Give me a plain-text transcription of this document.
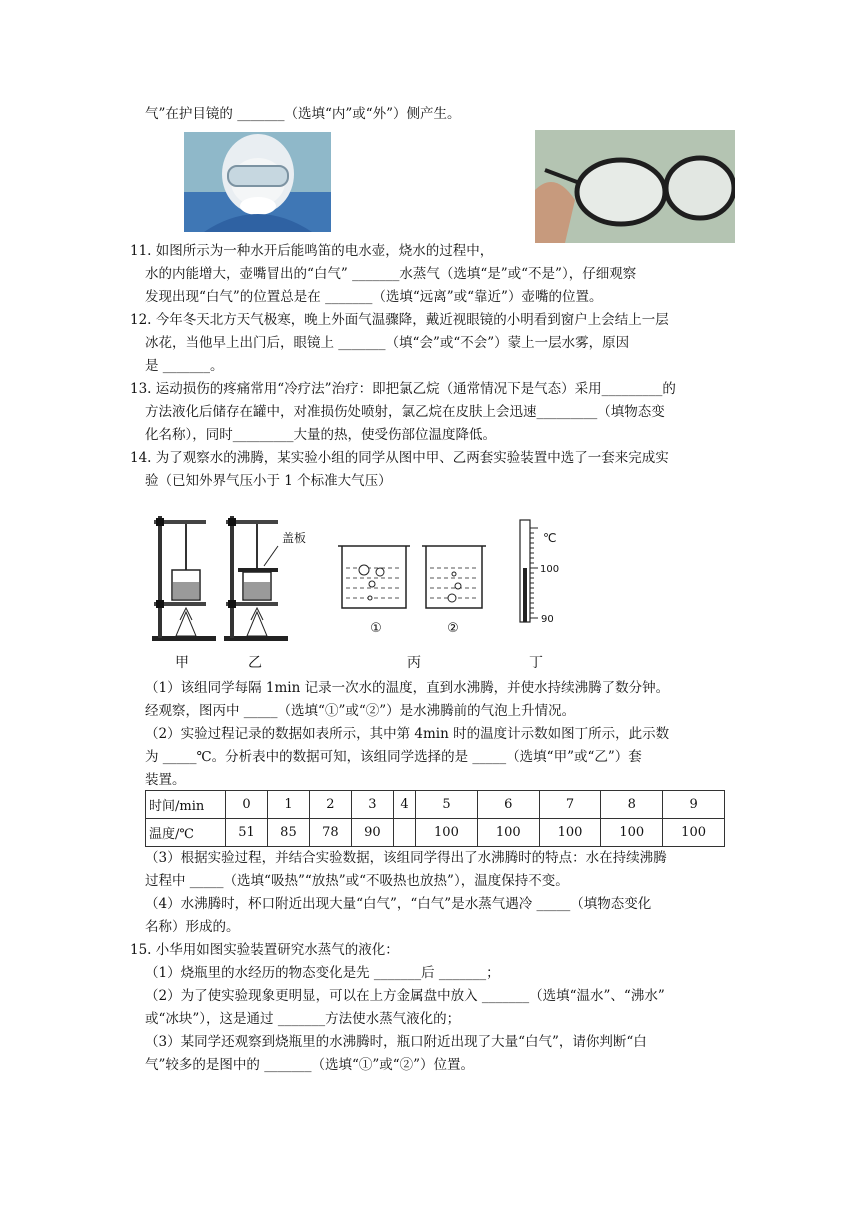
气”在护目镜的 _______（选填“内”或“外”）侧产生。
11. 如图所示为一种水开后能鸣笛的电水壶，烧水的过程中，
水的内能增大，壶嘴冒出的“白气” _______水蒸气（选填“是”或“不是”），仔细观察
发现出现“白气”的位置总是在 _______（选填“远离”或“靠近”）壶嘴的位置。
12. 今年冬天北方天气极寒，晚上外面气温骤降，戴近视眼镜的小明看到窗户上会结上一层
冰花，当他早上出门后，眼镜上 _______（填“会”或“不会”）蒙上一层水雾，原因
是 _______。
13. 运动损伤的疼痛常用“冷疗法”治疗：即把氯乙烷（通常情况下是气态）采用_________的
方法液化后储存在罐中，对准损伤处喷射，氯乙烷在皮肤上会迅速_________（填物态变
化名称），同时_________大量的热，使受伤部位温度降低。
14. 为了观察水的沸腾，某实验小组的同学从图中甲、乙两套实验装置中选了一套来完成实
验（已知外界气压小于 1 个标准大气压）
盖板
①	②
℃
100
90
甲	乙	丙	丁
（1）该组同学每隔 1min 记录一次水的温度，直到水沸腾，并使水持续沸腾了数分钟。
经观察，图丙中 _____（选填“①”或“②”）是水沸腾前的气泡上升情况。
（2）实验过程记录的数据如表所示，其中第 4min 时的温度计示数如图丁所示，此示数
为 _____℃。分析表中的数据可知，该组同学选择的是 _____（选填“甲”或“乙”）套
装置。
时间/min	0	1	2	3	4	5	6	7	8	9
温度/℃	51	85	78	90		100	100	100	100	100
（3）根据实验过程，并结合实验数据，该组同学得出了水沸腾时的特点：水在持续沸腾
过程中 _____（选填“吸热”“放热”或“不吸热也放热”），温度保持不变。
（4）水沸腾时，杯口附近出现大量“白气”，“白气”是水蒸气遇冷 _____（填物态变化
名称）形成的。
15. 小华用如图实验装置研究水蒸气的液化：
（1）烧瓶里的水经历的物态变化是先 _______后 _______；
（2）为了使实验现象更明显，可以在上方金属盘中放入 _______（选填“温水”、“沸水”
或“冰块”），这是通过 _______方法使水蒸气液化的；
（3）某同学还观察到烧瓶里的水沸腾时，瓶口附近出现了大量“白气”，请你判断“白
气”较多的是图中的 _______（选填“①”或“②”）位置。
